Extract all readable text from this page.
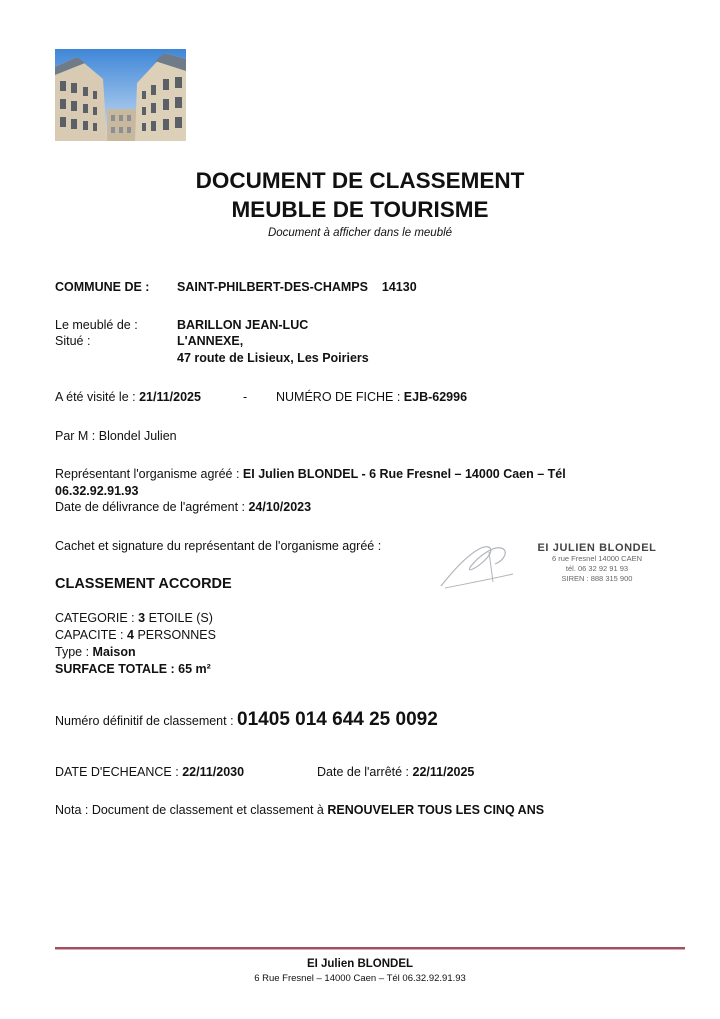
DOCUMENT DE CLASSEMENT
MEUBLE DE TOURISME
Document à afficher dans le meublé
COMMUNE DE : SAINT-PHILBERT-DES-CHAMPS 14130
Le meublé de :	BARILLON JEAN-LUC
Situé :	L'ANNEXE,
47 route de Lisieux, Les Poiriers
A été visité le : 21/11/2025	- NUMÉRO DE FICHE : EJB-62996
Par M : Blondel Julien
Représentant l'organisme agréé : EI Julien BLONDEL - 6 Rue Fresnel – 14000 Caen – Tél
06.32.92.91.93
Date de délivrance de l'agrément : 24/10/2023
Cachet et signature du représentant de l'organisme agréé :	EI JULIEN BLONDEL
6 rue Fresnel 14000 CAEN
tél. 06 32 92 91 93
SIREN : 888 315 900
CLASSEMENT ACCORDE
CATEGORIE : 3 ETOILE (S)
CAPACITE : 4 PERSONNES
Type : Maison
SURFACE TOTALE : 65 m²
Numéro définitif de classement : 01405 014 644 25 0092
DATE D'ECHEANCE : 22/11/2030	Date de l'arrêté : 22/11/2025
Nota : Document de classement et classement à RENOUVELER TOUS LES CINQ ANS
EI Julien BLONDEL
6 Rue Fresnel – 14000 Caen – Tél 06.32.92.91.93
